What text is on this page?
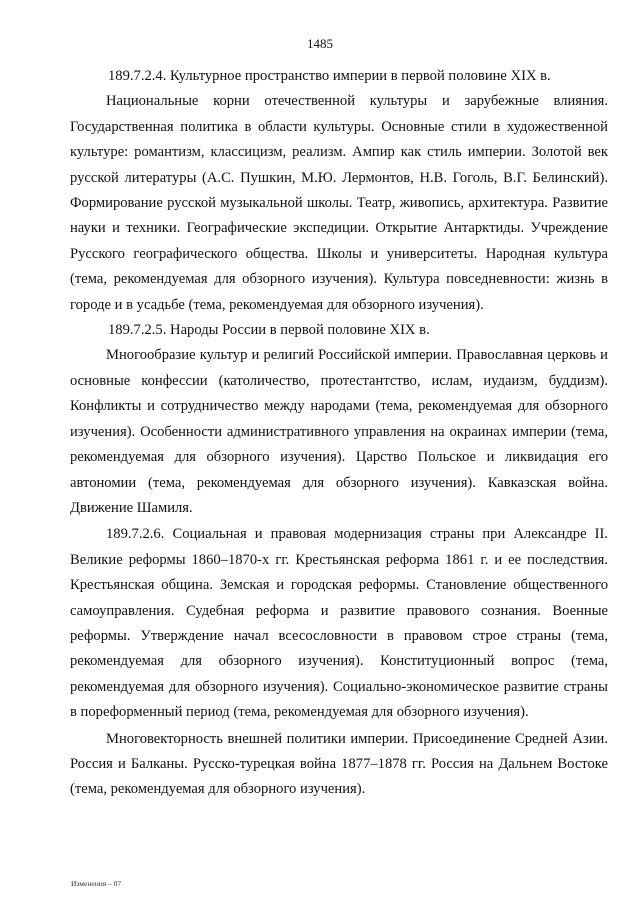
1485

189.7.2.4. Культурное пространство империи в первой половине XIX в.

Национальные корни отечественной культуры и зарубежные влияния. Государственная политика в области культуры. Основные стили в художественной культуре: романтизм, классицизм, реализм. Ампир как стиль империи. Золотой век русской литературы (А.С. Пушкин, М.Ю. Лермонтов, Н.В. Гоголь, В.Г. Белинский). Формирование русской музыкальной школы. Театр, живопись, архитектура. Развитие науки и техники. Географические экспедиции. Открытие Антарктиды. Учреждение Русского географического общества. Школы и университеты. Народная культура (тема, рекомендуемая для обзорного изучения). Культура повседневности: жизнь в городе и в усадьбе (тема, рекомендуемая для обзорного изучения).

189.7.2.5. Народы России в первой половине XIX в.

Многообразие культур и религий Российской империи. Православная церковь и основные конфессии (католичество, протестантство, ислам, иудаизм, буддизм). Конфликты и сотрудничество между народами (тема, рекомендуемая для обзорного изучения). Особенности административного управления на окраинах империи (тема, рекомендуемая для обзорного изучения). Царство Польское и ликвидация его автономии (тема, рекомендуемая для обзорного изучения). Кавказская война. Движение Шамиля.

189.7.2.6. Социальная и правовая модернизация страны при Александре II. Великие реформы 1860–1870-х гг. Крестьянская реформа 1861 г. и ее последствия. Крестьянская община. Земская и городская реформы. Становление общественного самоуправления. Судебная реформа и развитие правового сознания. Военные реформы. Утверждение начал всесословности в правовом строе страны (тема, рекомендуемая для обзорного изучения). Конституционный вопрос (тема, рекомендуемая для обзорного изучения). Социально-экономическое развитие страны в пореформенный период (тема, рекомендуемая для обзорного изучения).

Многовекторность внешней политики империи. Присоединение Средней Азии. Россия и Балканы. Русско-турецкая война 1877–1878 гг. Россия на Дальнем Востоке (тема, рекомендуемая для обзорного изучения).

Изменения – 07
